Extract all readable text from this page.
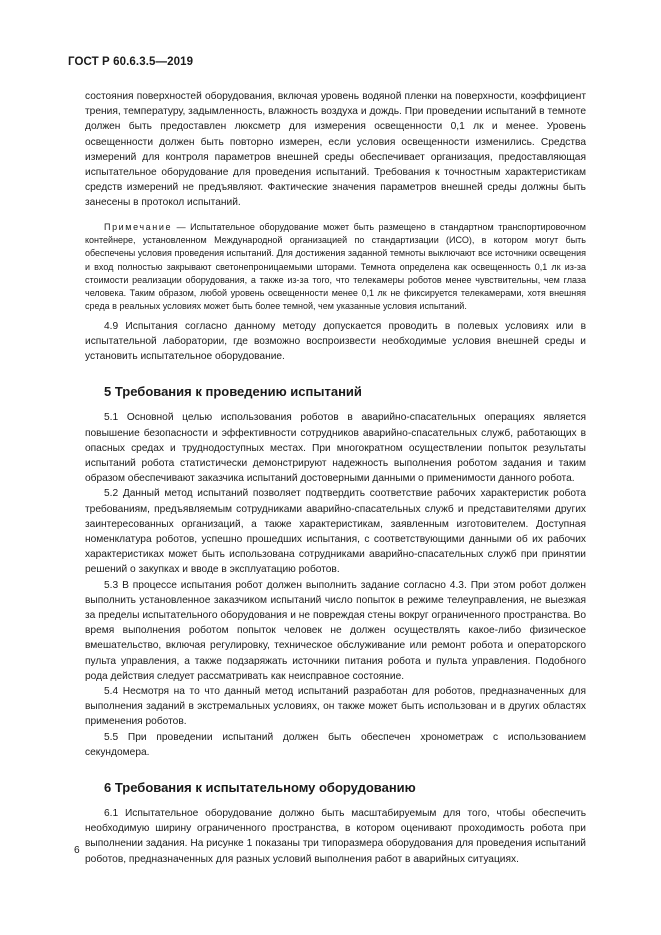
ГОСТ Р 60.6.3.5—2019

состояния поверхностей оборудования, включая уровень водяной пленки на поверхности, коэффициент трения, температуру, задымленность, влажность воздуха и дождь. При проведении испытаний в темноте должен быть предоставлен люксметр для измерения освещенности 0,1 лк и менее. Уровень освещенности должен быть повторно измерен, если условия освещенности изменились. Средства измерений для контроля параметров внешней среды обеспечивает организация, предоставляющая испытательное оборудование для проведения испытаний. Требования к точностным характеристикам средств измерений не предъявляют. Фактические значения параметров внешней среды должны быть занесены в протокол испытаний.

Примечание — Испытательное оборудование может быть размещено в стандартном транспортировочном контейнере, установленном Международной организацией по стандартизации (ИСО), в котором могут быть обеспечены условия проведения испытаний. Для достижения заданной темноты выключают все источники освещения и вход полностью закрывают светонепроницаемыми шторами. Темнота определена как освещенность 0,1 лк из-за стоимости реализации оборудования, а также из-за того, что телекамеры роботов менее чувствительны, чем глаза человека. Таким образом, любой уровень освещенности менее 0,1 лк не фиксируется телекамерами, хотя внешняя среда в реальных условиях может быть более темной, чем указанные условия испытаний.

4.9 Испытания согласно данному методу допускается проводить в полевых условиях или в испытательной лаборатории, где возможно воспроизвести необходимые условия внешней среды и установить испытательное оборудование.

5 Требования к проведению испытаний

5.1 Основной целью использования роботов в аварийно-спасательных операциях является повышение безопасности и эффективности сотрудников аварийно-спасательных служб, работающих в опасных средах и труднодоступных местах. При многократном осуществлении попыток результаты испытаний робота статистически демонстрируют надежность выполнения роботом задания и таким образом обеспечивают заказчика испытаний достоверными данными о применимости данного робота.

5.2 Данный метод испытаний позволяет подтвердить соответствие рабочих характеристик робота требованиям, предъявляемым сотрудниками аварийно-спасательных служб и представителями других заинтересованных организаций, а также характеристикам, заявленным изготовителем. Доступная номенклатура роботов, успешно прошедших испытания, с соответствующими данными об их рабочих характеристиках может быть использована сотрудниками аварийно-спасательных служб при принятии решений о закупках и вводе в эксплуатацию роботов.

5.3 В процессе испытания робот должен выполнить задание согласно 4.3. При этом робот должен выполнить установленное заказчиком испытаний число попыток в режиме телеуправления, не выезжая за пределы испытательного оборудования и не повреждая стены вокруг ограниченного пространства. Во время выполнения роботом попыток человек не должен осуществлять какое-либо физическое вмешательство, включая регулировку, техническое обслуживание или ремонт робота и операторского пульта управления, а также подзаряжать источники питания робота и пульта управления. Подобного рода действия следует рассматривать как неисправное состояние.

5.4 Несмотря на то что данный метод испытаний разработан для роботов, предназначенных для выполнения заданий в экстремальных условиях, он также может быть использован и в других областях применения роботов.

5.5 При проведении испытаний должен быть обеспечен хронометраж с использованием секундомера.

6 Требования к испытательному оборудованию

6.1 Испытательное оборудование должно быть масштабируемым для того, чтобы обеспечить необходимую ширину ограниченного пространства, в котором оценивают проходимость робота при выполнении задания. На рисунке 1 показаны три типоразмера оборудования для проведения испытаний роботов, предназначенных для разных условий выполнения работ в аварийных ситуациях.

6
